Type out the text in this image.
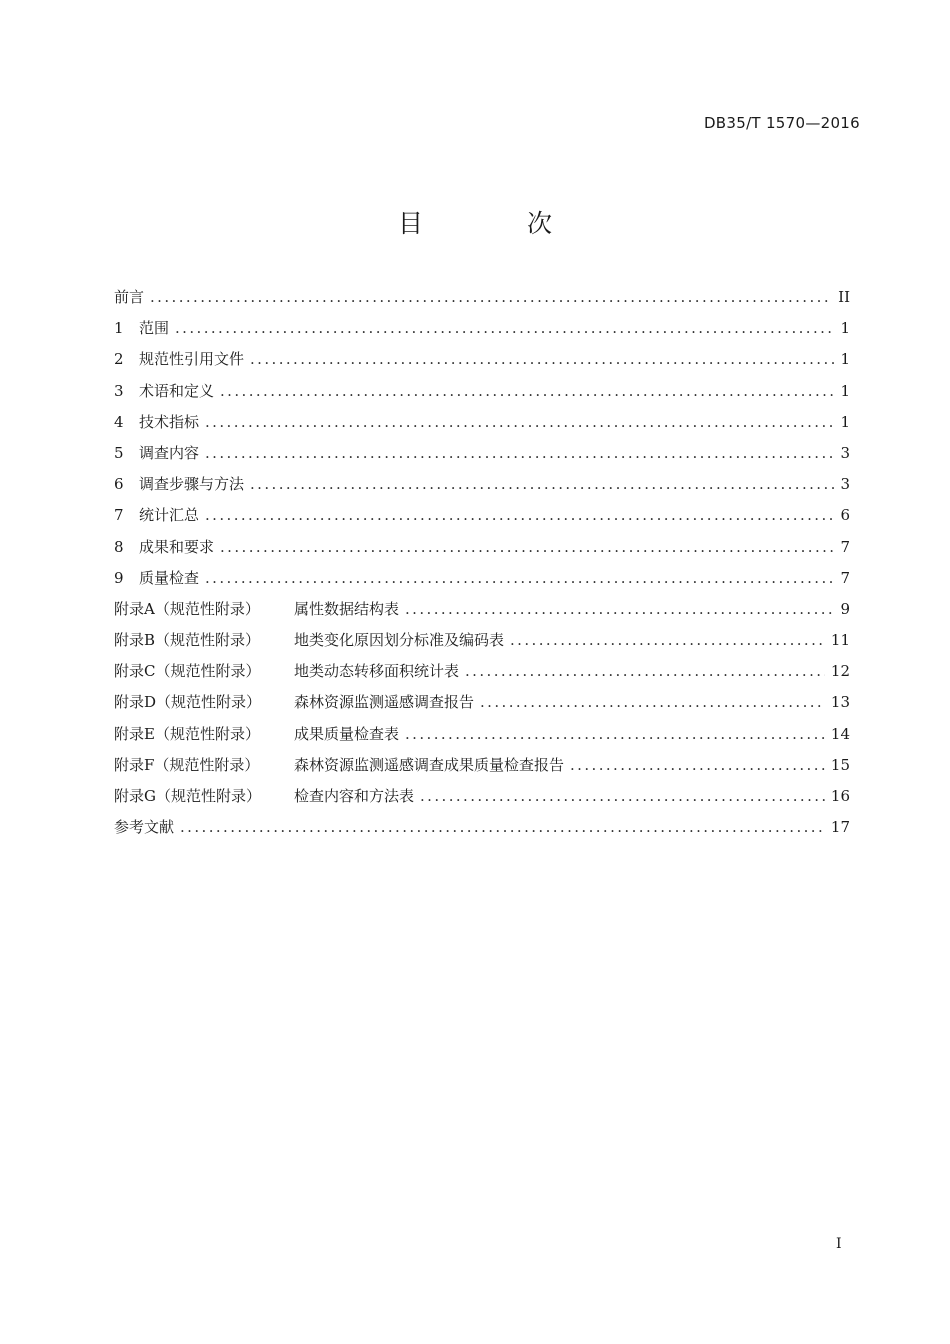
DB35/T 1570—2016
目 次
前言 .....	II
1	范围 .....	1
2	规范性引用文件 .....	1
3	术语和定义 .....	1
4	技术指标 .....	1
5	调查内容 .....	3
6	调查步骤与方法 .....	3
7	统计汇总 .....	6
8	成果和要求 .....	7
9	质量检查 .....	7
附录A（规范性附录）	属性数据结构表 .....	9
附录B（规范性附录）	地类变化原因划分标准及编码表 .....	11
附录C（规范性附录）	地类动态转移面积统计表 .....	12
附录D（规范性附录）	森林资源监测遥感调查报告 .....	13
附录E（规范性附录）	成果质量检查表 .....	14
附录F（规范性附录）	森林资源监测遥感调查成果质量检查报告 .....	15
附录G（规范性附录）	检查内容和方法表 .....	16
参考文献 .....	17
I
